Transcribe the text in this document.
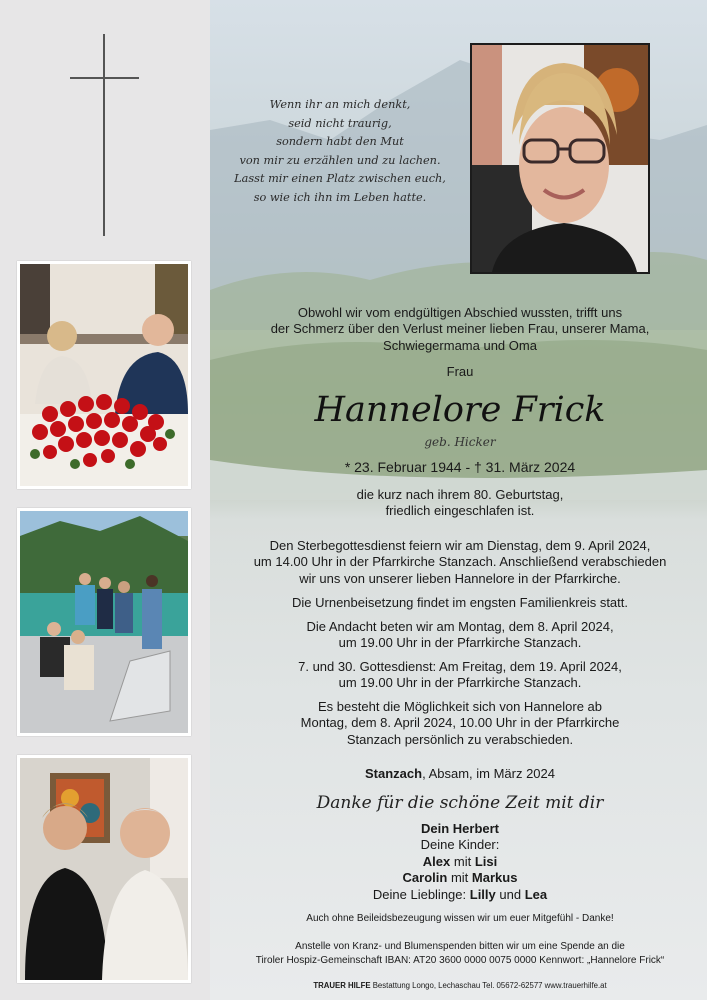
Wenn ihr an mich denkt,
seid nicht traurig,
sondern habt den Mut
von mir zu erzählen und zu lachen.
Lasst mir einen Platz zwischen euch,
so wie ich ihn im Leben hatte.
Obwohl wir vom endgültigen Abschied wussten, trifft uns
der Schmerz über den Verlust meiner lieben Frau, unserer Mama,
Schwiegermama und Oma
Frau
Hannelore Frick
geb. Hicker
* 23. Februar 1944 - † 31. März 2024
die kurz nach ihrem 80. Geburtstag,
friedlich eingeschlafen ist.
Den Sterbegottesdienst feiern wir am Dienstag, dem 9. April 2024,
um 14.00 Uhr in der Pfarrkirche Stanzach. Anschließend verabschieden
wir uns von unserer lieben Hannelore in der Pfarrkirche.
Die Urnenbeisetzung findet im engsten Familienkreis statt.
Die Andacht beten wir am Montag, dem 8. April 2024,
um 19.00 Uhr in der Pfarrkirche Stanzach.
7. und 30. Gottesdienst: Am Freitag, dem 19. April 2024,
um 19.00 Uhr in der Pfarrkirche Stanzach.
Es besteht die Möglichkeit sich von Hannelore ab
Montag, dem 8. April 2024, 10.00 Uhr in der Pfarrkirche
Stanzach persönlich zu verabschieden.
Stanzach, Absam, im März 2024
Danke für die schöne Zeit mit dir
Dein Herbert
Deine Kinder:
Alex mit Lisi
Carolin mit Markus
Deine Lieblinge: Lilly und Lea
Auch ohne Beileidsbezeugung wissen wir um euer Mitgefühl - Danke!
Anstelle von Kranz- und Blumenspenden bitten wir um eine Spende an die
Tiroler Hospiz-Gemeinschaft IBAN: AT20 3600 0000 0075 0000 Kennwort: „Hannelore Frick“
TRAUER HILFE Bestattung Longo, Lechaschau Tel. 05672-62577 www.trauerhilfe.at
